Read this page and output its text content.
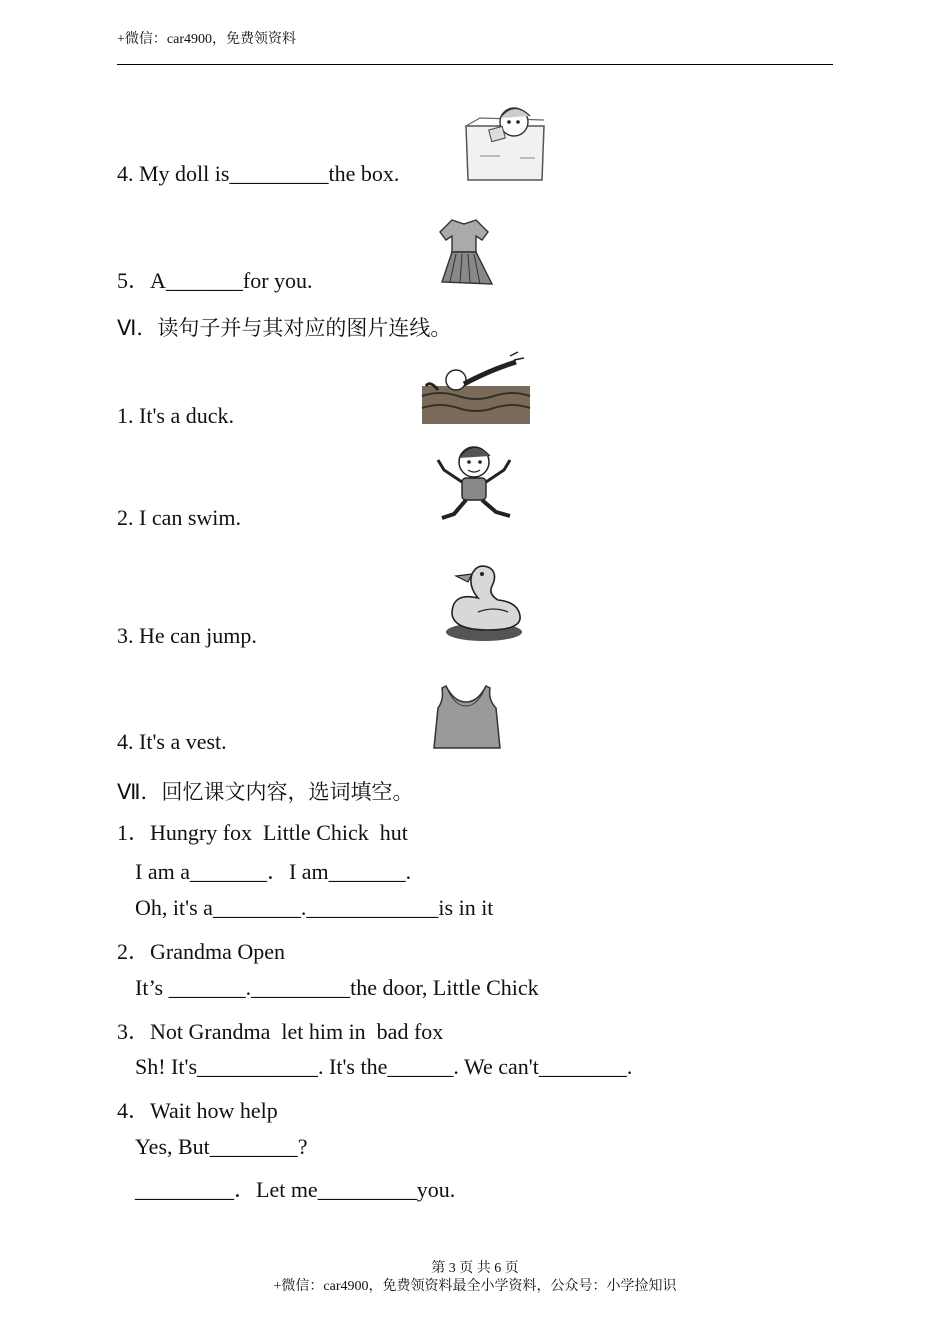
+微信：car4900，免费领资料
4. My doll is_________the box.
5．A_______for you.
Ⅵ．读句子并与其对应的图片连线。
1. It's a duck.
2. I can swim.
3. He can jump.
4. It's a vest.
Ⅶ．回忆课文内容，选词填空。
1．Hungry fox  Little Chick  hut
I am a_______．I am_______.
Oh, it's a________.____________is in it
2．Grandma Open
It’s _______._________the door, Little Chick
3．Not Grandma  let him in  bad fox
Sh! It's___________. It's the______. We can't________.
4．Wait how help
Yes, But________?
_________．Let me_________you.
第 3 页 共 6 页
+微信：car4900，免费领资料最全小学资料，公众号：小学捡知识
